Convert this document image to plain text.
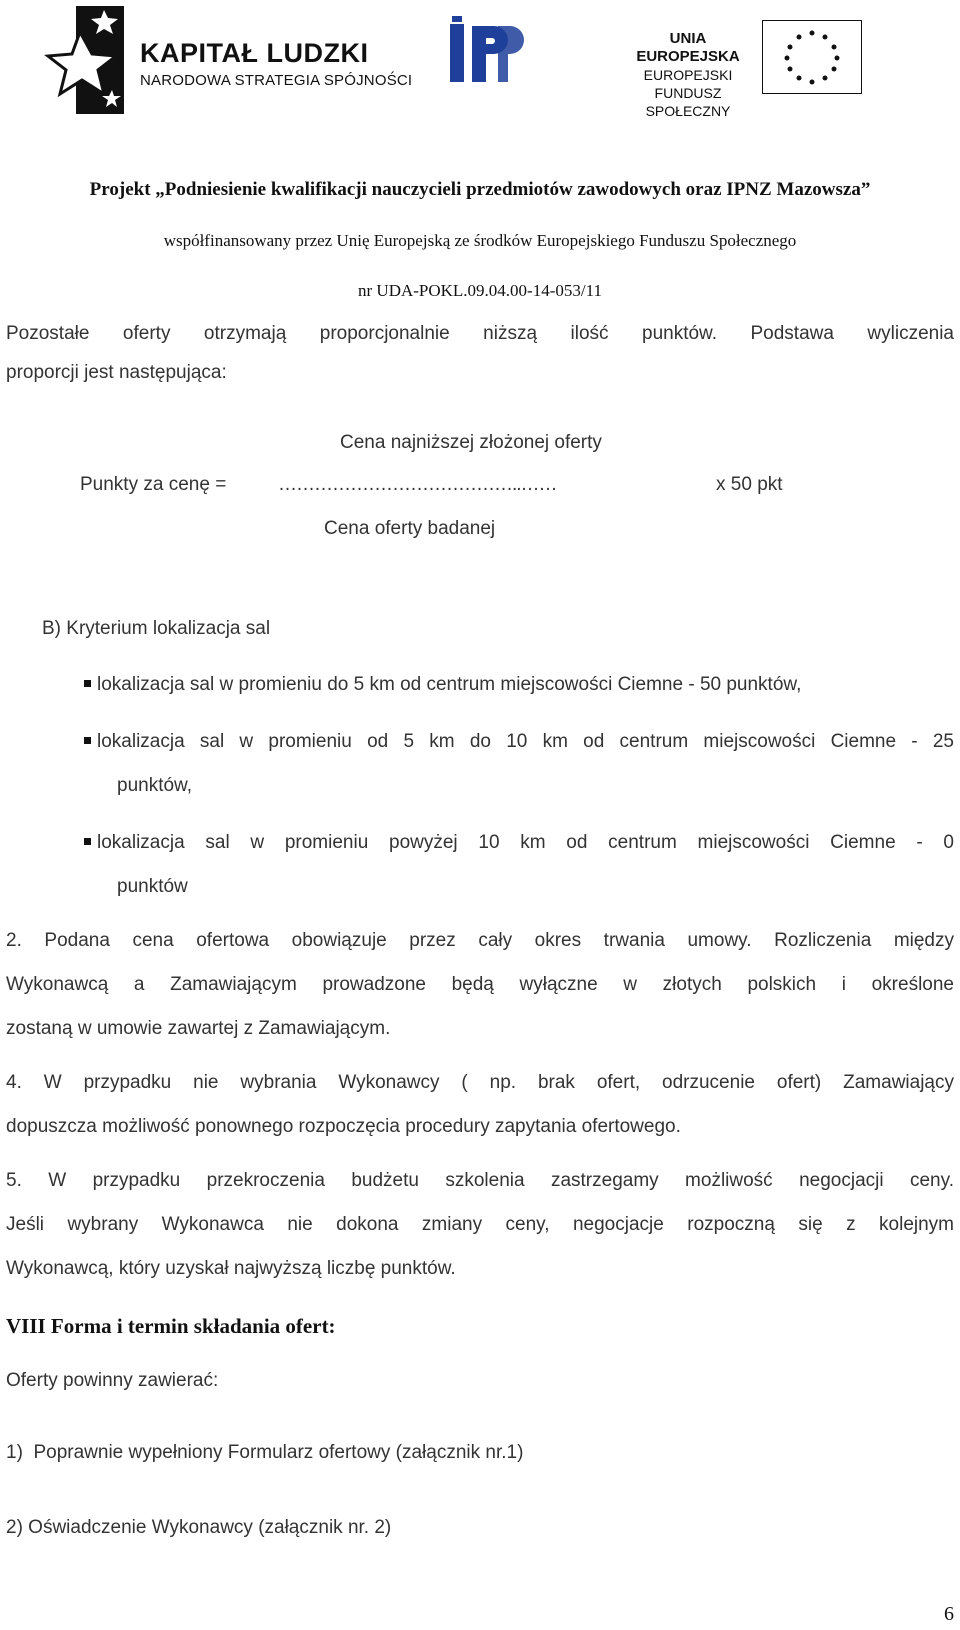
KAPITAŁ LUDZKI
NARODOWA STRATEGIA SPÓJNOŚCI
UNIA EUROPEJSKA
EUROPEJSKI
FUNDUSZ SPOŁECZNY
Projekt „Podniesienie kwalifikacji nauczycieli przedmiotów zawodowych oraz IPNZ Mazowsza”
współfinansowany przez Unię Europejską ze środków Europejskiego Funduszu Społecznego
nr UDA-POKL.09.04.00-14-053/11
Pozostałe oferty otrzymają proporcjonalnie niższą ilość punktów. Podstawa wyliczenia
proporcji jest następująca:
Cena najniższej złożonej oferty
Punkty za cenę =	…………………………………..……	x 50 pkt
Cena oferty badanej
B) Kryterium lokalizacja sal
lokalizacja sal w promieniu do 5 km od centrum miejscowości Ciemne - 50 punktów,
lokalizacja sal w promieniu od 5 km do 10 km od centrum miejscowości Ciemne - 25
punktów,
lokalizacja sal w promieniu powyżej 10 km od centrum miejscowości Ciemne - 0
punktów
2. Podana cena ofertowa obowiązuje przez cały okres trwania umowy. Rozliczenia między
Wykonawcą a Zamawiającym prowadzone będą wyłączne w złotych polskich i określone
zostaną w umowie zawartej z Zamawiającym.
4. W przypadku nie wybrania Wykonawcy ( np. brak ofert, odrzucenie ofert) Zamawiający
dopuszcza możliwość ponownego rozpoczęcia procedury zapytania ofertowego.
5. W przypadku przekroczenia budżetu szkolenia zastrzegamy możliwość negocjacji ceny.
Jeśli wybrany Wykonawca nie dokona zmiany ceny, negocjacje rozpoczną się z kolejnym
Wykonawcą, który uzyskał najwyższą liczbę punktów.
VIII Forma i termin składania ofert:
Oferty powinny zawierać:
1)  Poprawnie wypełniony Formularz ofertowy (załącznik nr.1)
2) Oświadczenie Wykonawcy (załącznik nr. 2)
6
